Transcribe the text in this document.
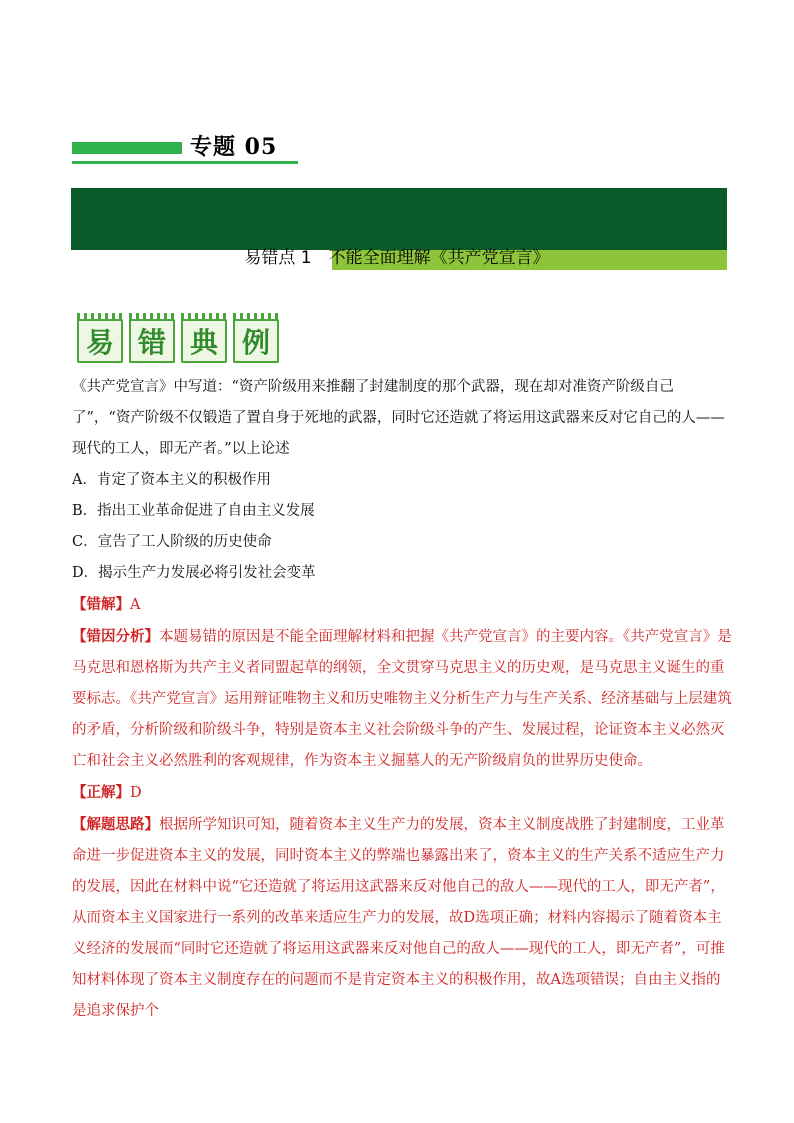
专题 05
易错点 1　不能全面理解《共产党宣言》
易 错 典 例

《共产党宣言》中写道：“资产阶级用来推翻了封建制度的那个武器，现在却对准资产阶级自己了”，“资产阶级不仅锻造了置自身于死地的武器，同时它还造就了将运用这武器来反对它自己的人——现代的工人，即无产者。”以上论述

A．肯定了资本主义的积极作用

B．指出工业革命促进了自由主义发展

C．宣告了工人阶级的历史使命

D．揭示生产力发展必将引发社会变革

【错解】A

【错因分析】本题易错的原因是不能全面理解材料和把握《共产党宣言》的主要内容。《共产党宣言》是马克思和恩格斯为共产主义者同盟起草的纲领，全文贯穿马克思主义的历史观，是马克思主义诞生的重要标志。《共产党宣言》运用辩证唯物主义和历史唯物主义分析生产力与生产关系、经济基础与上层建筑的矛盾，分析阶级和阶级斗争，特别是资本主义社会阶级斗争的产生、发展过程，论证资本主义必然灭亡和社会主义必然胜利的客观规律，作为资本主义掘墓人的无产阶级肩负的世界历史使命。

【正解】D

【解题思路】根据所学知识可知，随着资本主义生产力的发展，资本主义制度战胜了封建制度，工业革命进一步促进资本主义的发展，同时资本主义的弊端也暴露出来了，资本主义的生产关系不适应生产力的发展，因此在材料中说“它还造就了将运用这武器来反对他自己的敌人——现代的工人，即无产者”，从而资本主义国家进行一系列的改革来适应生产力的发展，故D选项正确；材料内容揭示了随着资本主义经济的发展而“同时它还造就了将运用这武器来反对他自己的敌人——现代的工人，即无产者”，可推知材料体现了资本主义制度存在的问题而不是肯定资本主义的积极作用，故A选项错误；自由主义指的是追求保护个
